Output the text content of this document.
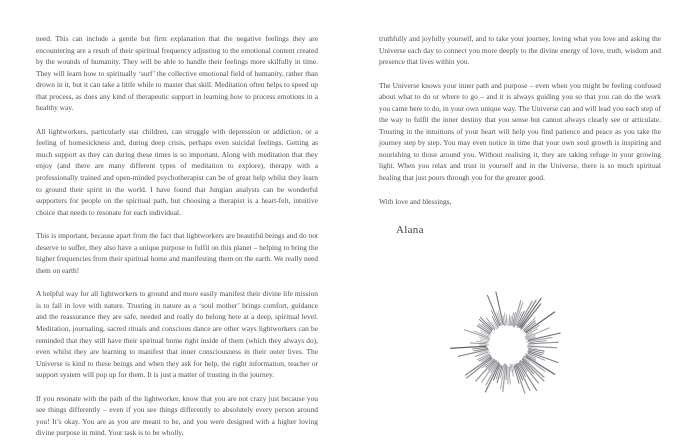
need. This can include a gentle but firm explanation that the negative feelings they are encountering are a result of their spiritual frequency adjusting to the emotional content created by the wounds of humanity. They will be able to handle their feelings more skilfully in time. They will learn how to spiritually ‘surf’ the collective emotional field of humanity, rather than drown in it, but it can take a little while to master that skill. Meditation often helps to speed up that process, as does any kind of therapeutic support in learning how to process emotions in a healthy way.

All lightworkers, particularly star children, can struggle with depression or addiction, or a feeling of homesickness and, during deep crisis, perhaps even suicidal feelings. Getting as much support as they can during these times is so important. Along with meditation that they enjoy (and there are many different types of meditation to explore), therapy with a professionally trained and open-minded psychotherapist can be of great help whilst they learn to ground their spirit in the world. I have found that Jungian analysts can be wonderful supporters for people on the spiritual path, but choosing a therapist is a heart-felt, intuitive choice that needs to resonate for each individual.

This is important, because apart from the fact that lightworkers are beautiful beings and do not deserve to suffer, they also have a unique purpose to fulfil on this planet – helping to bring the higher frequencies from their spiritual home and manifesting them on the earth. We really need them on earth!

A helpful way for all lightworkers to ground and more easily manifest their divine life mission is to fall in love with nature. Trusting in nature as a ‘soul mother’ brings comfort, guidance and the reassurance they are safe, needed and really do belong here at a deep, spiritual level. Meditation, journaling, sacred rituals and conscious dance are other ways lightworkers can be reminded that they still have their spiritual home right inside of them (which they always do), even whilst they are learning to manifest that inner consciousness in their outer lives. The Universe is kind to these beings and when they ask for help, the right information, teacher or support system will pop up for them. It is just a matter of trusting in the journey.

If you resonate with the path of the lightworker, know that you are not crazy just because you see things differently – even if you see things differently to absolutely every person around you! It’s okay. You are as you are meant to be, and you were designed with a higher loving divine purpose in mind. Your task is to be wholly,

truthfully and joyfully yourself, and to take your journey, loving what you love and asking the Universe each day to connect you more deeply to the divine energy of love, truth, wisdom and presence that lives within you.

The Universe knows your inner path and purpose – even when you might be feeling confused about what to do or where to go – and it is always guiding you so that you can do the work you came here to do, in your own unique way. The Universe can and will lead you each step of the way to fulfil the inner destiny that you sense but cannot always clearly see or articulate. Trusting in the intuitions of your heart will help you find patience and peace as you take the journey step by step. You may even notice in time that your own soul growth is inspiring and nourishing to those around you. Without realising it, they are taking refuge in your growing light. When you relax and trust in yourself and in the Universe, there is so much spiritual healing that just pours through you for the greater good.

With love and blessings,

Alana
